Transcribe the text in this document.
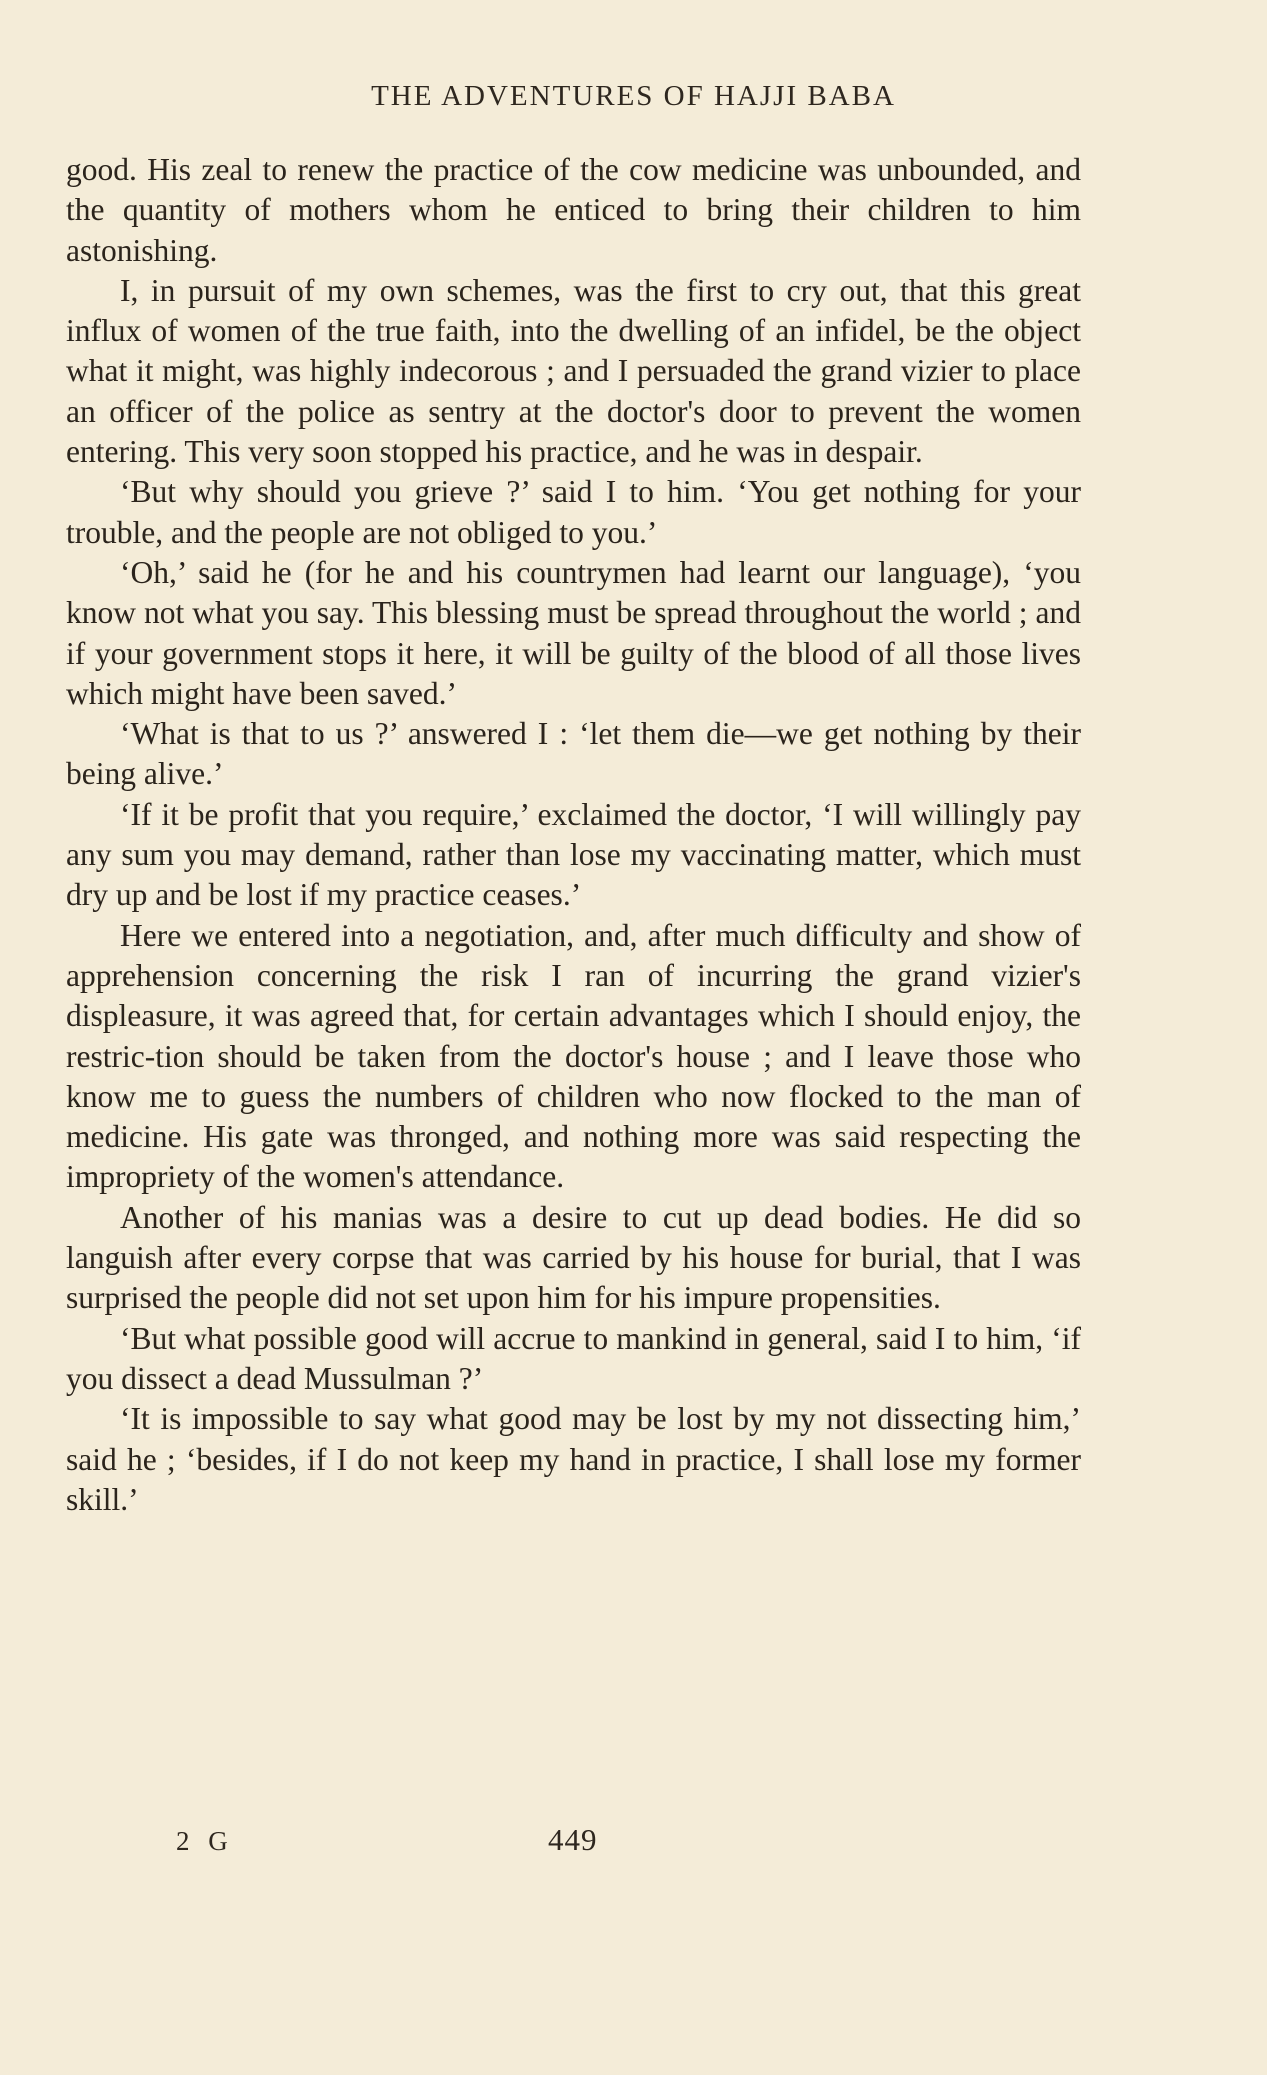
THE ADVENTURES OF HAJJI BABA

good. His zeal to renew the practice of the cow medicine was unbounded, and the quantity of mothers whom he enticed to bring their children to him astonishing.

I, in pursuit of my own schemes, was the first to cry out, that this great influx of women of the true faith, into the dwelling of an infidel, be the object what it might, was highly indecorous ; and I persuaded the grand vizier to place an officer of the police as sentry at the doctor's door to prevent the women entering. This very soon stopped his practice, and he was in despair.

‘But why should you grieve ?’ said I to him. ‘You get nothing for your trouble, and the people are not obliged to you.’

‘Oh,’ said he (for he and his countrymen had learnt our language), ‘you know not what you say. This blessing must be spread throughout the world ; and if your government stops it here, it will be guilty of the blood of all those lives which might have been saved.’

‘What is that to us ?’ answered I : ‘let them die—we get nothing by their being alive.’

‘If it be profit that you require,’ exclaimed the doctor, ‘I will willingly pay any sum you may demand, rather than lose my vaccinating matter, which must dry up and be lost if my practice ceases.’

Here we entered into a negotiation, and, after much difficulty and show of apprehension concerning the risk I ran of incurring the grand vizier's displeasure, it was agreed that, for certain advantages which I should enjoy, the restric-tion should be taken from the doctor's house ; and I leave those who know me to guess the numbers of children who now flocked to the man of medicine. His gate was thronged, and nothing more was said respecting the impropriety of the women's attendance.

Another of his manias was a desire to cut up dead bodies. He did so languish after every corpse that was carried by his house for burial, that I was surprised the people did not set upon him for his impure propensities.

‘But what possible good will accrue to mankind in general, said I to him, ‘if you dissect a dead Mussulman ?’

‘It is impossible to say what good may be lost by my not dissecting him,’ said he ; ‘besides, if I do not keep my hand in practice, I shall lose my former skill.’

2 G	449
